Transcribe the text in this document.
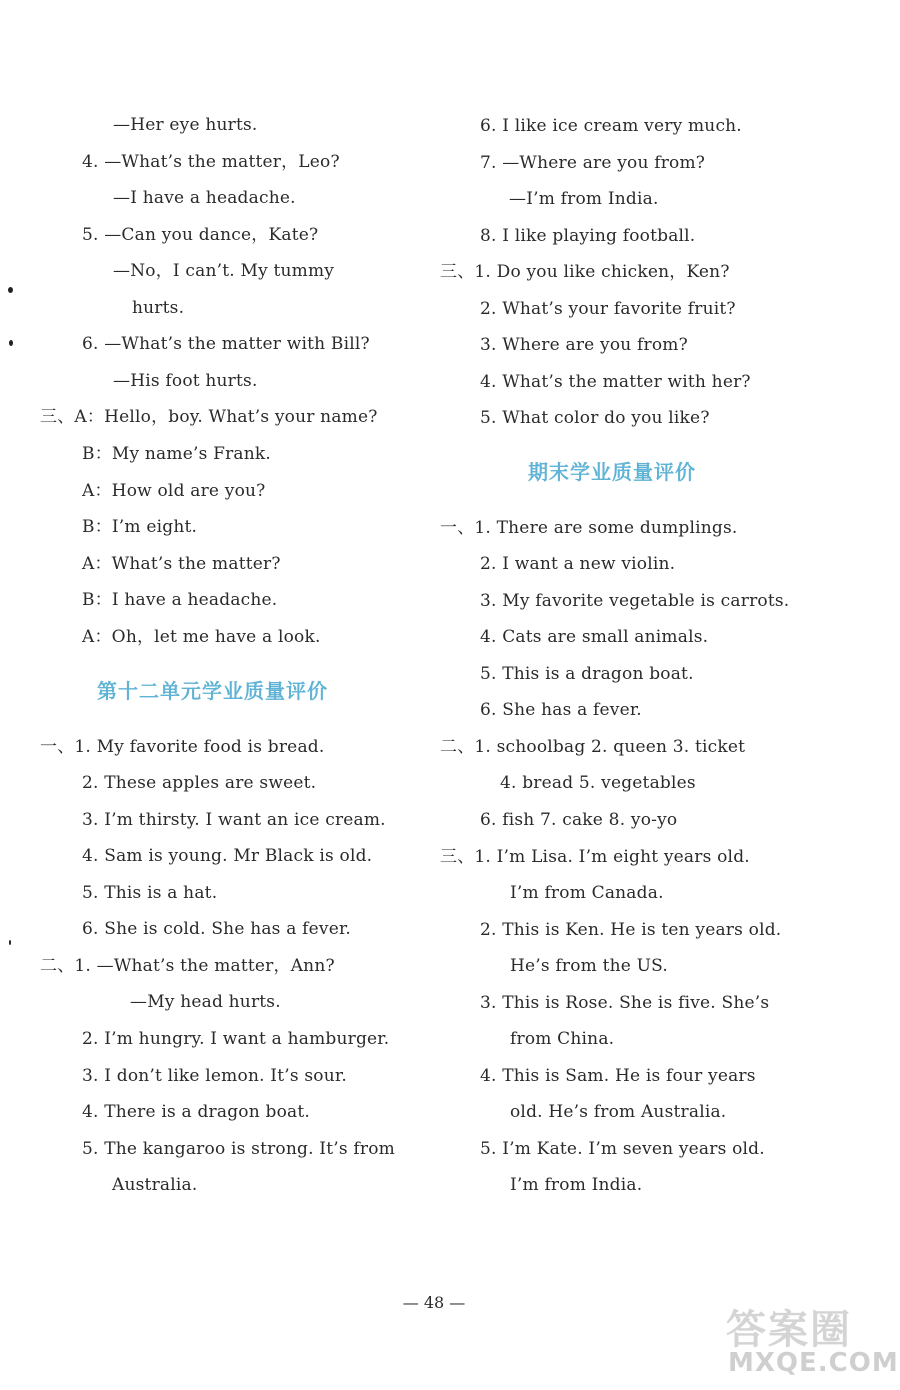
—Her eye hurts.
4. —What’s the matter，Leo?
—I have a headache.
5. —Can you dance，Kate?
—No，I can’t. My tummy
hurts.
6. —What’s the matter with Bill?
—His foot hurts.
三、A：Hello，boy. What’s your name?
B：My name’s Frank.
A：How old are you?
B：I’m eight.
A：What’s the matter?
B：I have a headache.
A：Oh，let me have a look.
第十二单元学业质量评价
一、1. My favorite food is bread.
2. These apples are sweet.
3. I’m thirsty. I want an ice cream.
4. Sam is young. Mr Black is old.
5. This is a hat.
6. She is cold. She has a fever.
二、1. —What’s the matter，Ann?
—My head hurts.
2. I’m hungry. I want a hamburger.
3. I don’t like lemon. It’s sour.
4. There is a dragon boat.
5. The kangaroo is strong. It’s from
Australia.
6. I like ice cream very much.
7. —Where are you from?
—I’m from India.
8. I like playing football.
三、1. Do you like chicken，Ken?
2. What’s your favorite fruit?
3. Where are you from?
4. What’s the matter with her?
5. What color do you like?
期末学业质量评价
一、1. There are some dumplings.
2. I want a new violin.
3. My favorite vegetable is carrots.
4. Cats are small animals.
5. This is a dragon boat.
6. She has a fever.
二、1. schoolbag 2. queen 3. ticket
4. bread 5. vegetables
6. fish 7. cake 8. yo-yo
三、1. I’m Lisa. I’m eight years old.
I’m from Canada.
2. This is Ken. He is ten years old.
He’s from the US.
3. This is Rose. She is five. She’s
from China.
4. This is Sam. He is four years
old. He’s from Australia.
5. I’m Kate. I’m seven years old.
I’m from India.
— 48 —
答案圈
MXQE.COM
